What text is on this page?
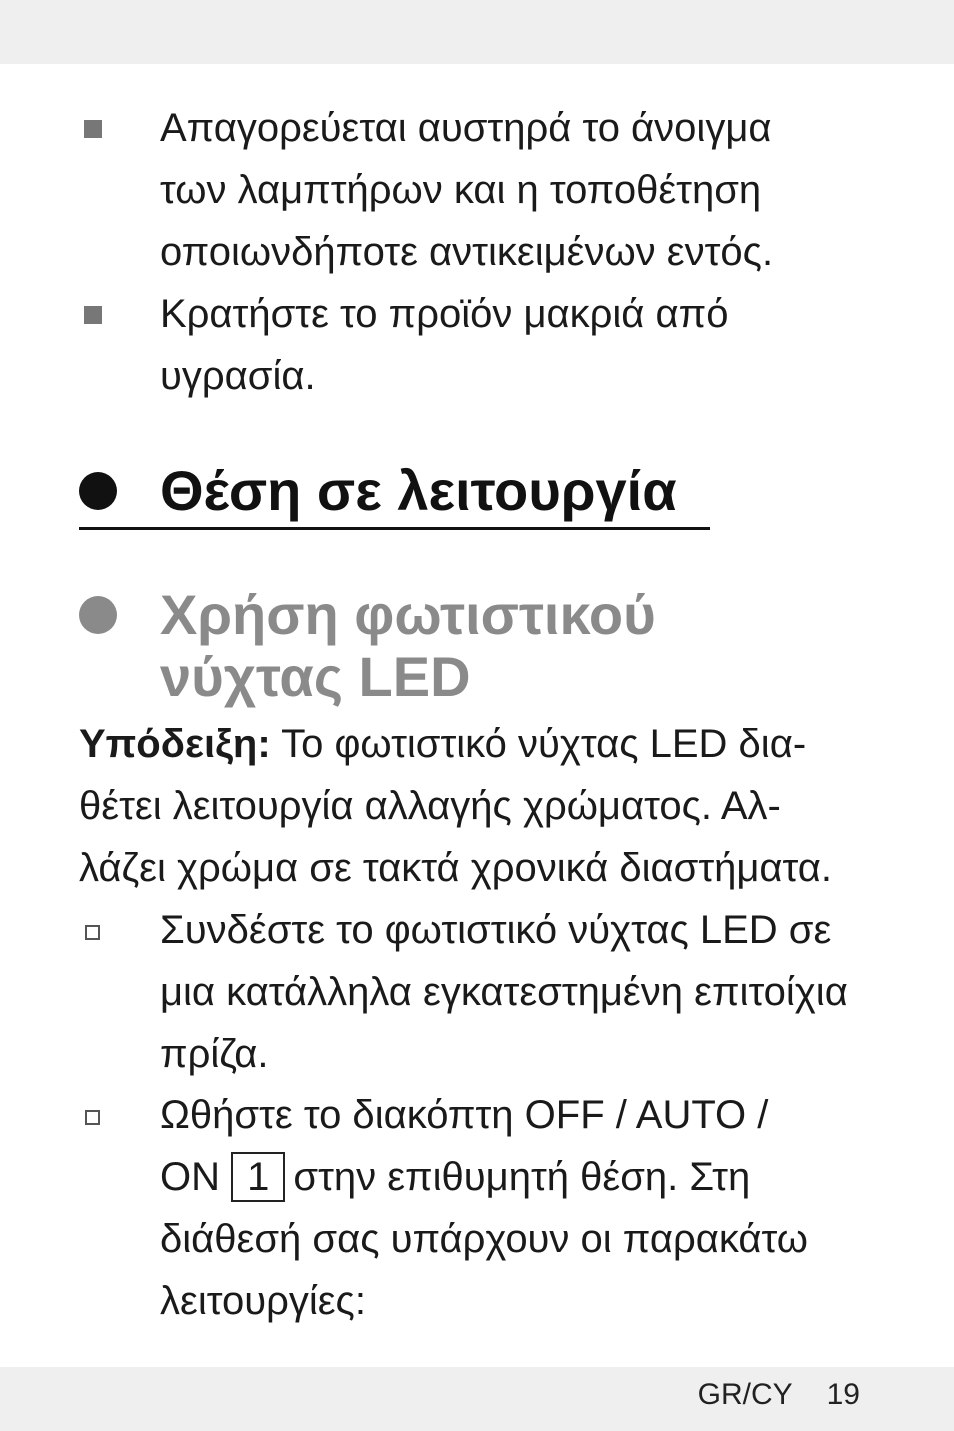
Απαγορεύεται αυστηρά το άνοιγμα
των λαμπτήρων και η τοποθέτηση
οποιωνδήποτε αντικειμένων εντός.
Κρατήστε το προϊόν μακριά από
υγρασία.
Θέση σε λειτουργία
Χρήση φωτιστικού
νύχτας LED
Υπόδειξη: Το φωτιστικό νύχτας LED δια-
θέτει λειτουργία αλλαγής χρώματος. Αλ-
λάζει χρώμα σε τακτά χρονικά διαστήματα.
Συνδέστε το φωτιστικό νύχτας LED σε
μια κατάλληλα εγκατεστημένη επιτοίχια
πρίζα.
Ωθήστε το διακόπτη OFF / AUTO /
ON 1 στην επιθυμητή θέση. Στη
διάθεσή σας υπάρχουν οι παρακάτω
λειτουργίες:
GR/CY 19
